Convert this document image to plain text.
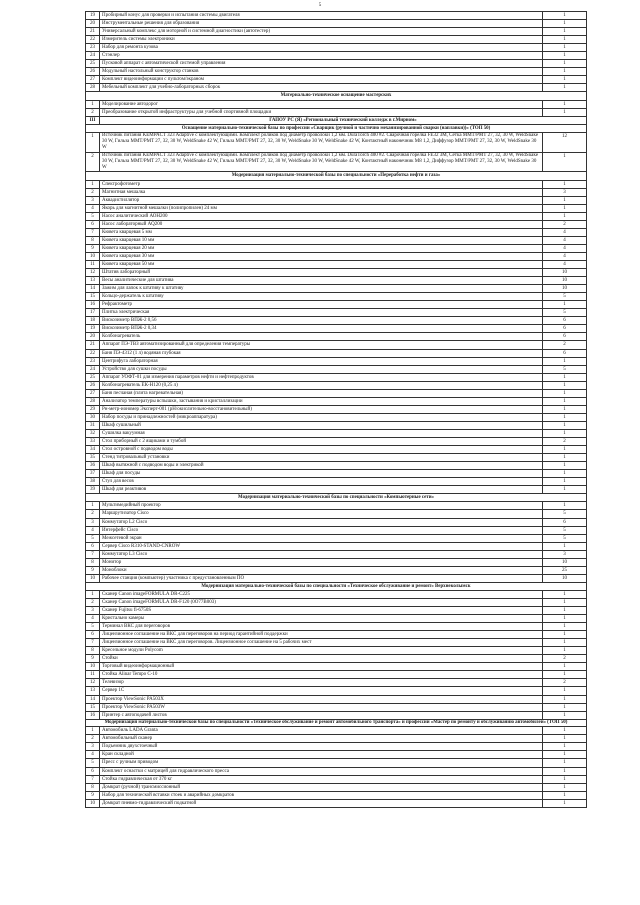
5
19	Пробирный конус для проверки и испытания системы двигателя	1
20	Инструментальные решения для образования	1
21	Универсальный комплекс для моторной и системной диагностики (автотестер)	1
22	Измеритель системы электроники	1
23	Набор для ремонта кузова	1
24	Стэнлер	1
25	Пусковой аппарат с автоматической системой управления	1
26	Модульный настольный конструктор станков	1
27	Комплект видеоинформации с пультом/экраном	1
28	Мебельный комплект для учебно-лабораторных сборок	1
Материально-техническое оснащение мастерских		
1	Моделирование автодорог	1
2	Преобразование открытой инфраструктуры для учебной спортивной площадки	1
III	ГАПОУ РС (Я) «Региональный технический колледж в г.Мирном»	
Оснащение материально-технической базы по профессии «Сварщик (ручной и частично механизированной сварки (наплавки))» (ТОП 50)		
1	Источник питания KEMPACT 323 Adaptive с комплектующими. Комплект роликов под диаметр проволоки 1,2 мм. DuraTorch 400 #2. Сварочная горелка FE32 3M, Сетка MMT/PMT 27, 32, 30 W, WeldSnake 30 W, Гильза MMT/PMT 27, 32, 30 W, WeldSnake 42 W, Гильза MMT/PMT 27, 32, 30 W, WeldSnake 30 W, WeldSnake 42 W, Контактный наконечник M8 1,2, Диффузор MMT/PMT 27, 32, 30 W, WeldSnake 30 W	12
2	Источник питания KEMPACT 323 Adaptive с комплектующими. Комплект роликов под диаметр проволоки 1,2 мм. DuraTorch 400 #2. Сварочная горелка FE32 3M, Сетка MMT/PMT 27, 32, 30 W, WeldSnake 30 W, Гильза MMT/PMT 27, 32, 30 W, WeldSnake 42 W, Гильза MMT/PMT 27, 32, 30 W, WeldSnake 30 W, WeldSnake 42 W, Контактный наконечник M8 1,2, Диффузор MMT/PMT 27, 32, 30 W, WeldSnake 30 W	1
Модернизация материально-технической базы по специальности «Переработка нефти и газа»		
1	Спектрофотометр	1
2	Магнитная мешалка	3
3	Аквадистиллятор	1
4	Якорь для магнитной мешалки (полипропилен) 24 мм	1
5	Насос аналитический АОН200	1
6	Насос лабораторный АQ200	2
7	Кювета кварцевая 5 мм	4
8	Кювета кварцевая 10 мм	4
9	Кювета кварцевая 20 мм	4
10	Кювета кварцевая 30 мм	4
11	Кювета кварцевая 50 мм	4
12	Штатив лабораторный	10
13	Весы аналитические для штатива	10
14	Зажим для лапок к штативу к штативу	10
15	Кольцо-держатель к штативу	5
16	Рефрактометр	1
17	Плитка электрическая	5
18	Вискозиметр ВПЖ-2 0,56	6
19	Вискозиметр ВПЖ-2 0,34	6
20	Колбонагреватель	6
21	Аппарат ПЭ-ТВЗ автоматизированный для определения температуры	2
22	Баня ПЭ-4312 (1 л) водяная глубокая	6
23	Центрифуга лабораторная	1
24	Устройство для сушки посуды	5
25	Аппарат УОФТ-01 для измерения параметров нефти и нефтепродуктов	1
26	Колбонагреватель ЕК-Н120 (0,25 л)	1
27	Баня песчаная (плита нагревательная)	1
28	Анализатор температуры вспышки, застывания и кристаллизации	1
29	Рн-метр-иономер Эксперт-001 (рН/окислительно-восстановительный)	1
30	Набор посуды и принадлежностей (микроаппаратура)	1
31	Шкаф сушильный	1
32	Сушилка вакуумная	1
33	Стол приборный с 2 ящиками и тумбой	2
34	Стол островной с подводом воды	1
35	Стенд титровальный установки	1
36	Шкаф вытяжной с подводом воды и электрикой	1
37	Шкаф для посуды	1
38	Стул для весов	1
39	Шкаф для реактивов	1
Модернизация материально-технической базы по специальности «Компьютерные сети»		
1	Мультимедийный проектор	1
2	Маршрутизатор Cisco	5
3	Коммутатор L2 Cisco	6
4	Интерфейс Cisco	5
5	Межсетевой экран	5
6	Сервер Cisco R310-STAND-CNROW	1
7	Коммутатор L3 Cisco	3
8	Монитор	10
9	Моноблоки	25
10	Рабочее станция (компьютер) участника с предустановленным ПО	10
Модернизация материально-технической базы по специальности «Техническое обслуживание и ремонт» Верхнеколымск		
1	Сканер Canon imageFORMULA DR-C225	1
2	Сканер Canon imageFORMULA DR-F120 (0O77B003)	1
3	Сканер Fujitsu fi-6750S	1
4	Кристально камеры	1
5	Терминал ВКС для переговоров	1
6	Лицензионное соглашение на ВКС для переговоров на период гарантийной поддержки	1
7	Лицензионное соглашение на ВКС для переговоров. Лицензионное соглашение на 5 рабочих мест	1
8	Кресельное модули Polycom	1
9	Стойки	2
10	Торговый видеоинформационный	1
11	Стойка Alinar Tempo C-10	1
12	Телевизор	2
13	Сервер 1С	1
14	Проектор ViewSonic PA503X	1
15	Проектор ViewSonic PA503W	1
16	Принтер с автоподачей листов	1
Модернизация материально-технической базы по специальности «Техническое обслуживание и ремонт автомобильного транспорта» и профессии «Мастер по ремонту и обслуживанию автомобилей» (ТОП 50)		
1	Автомобиль LADA Granta	1
2	Автомобильный сканер	1
3	Подъемник двухстоечный	1
4	Кран складной	1
5	Пресс с ручным приводом	1
6	Комплект оснастки с матрицей для гидравлического пресса	1
7	Стойка гидравлическая от 370 кг	1
8	Домкрат (ручной) трансмиссионный	1
9	Набор для технической вставки стоек и аварийных домкратов	1
10	Домкрат пневмо-гидравлический подкатной	1
